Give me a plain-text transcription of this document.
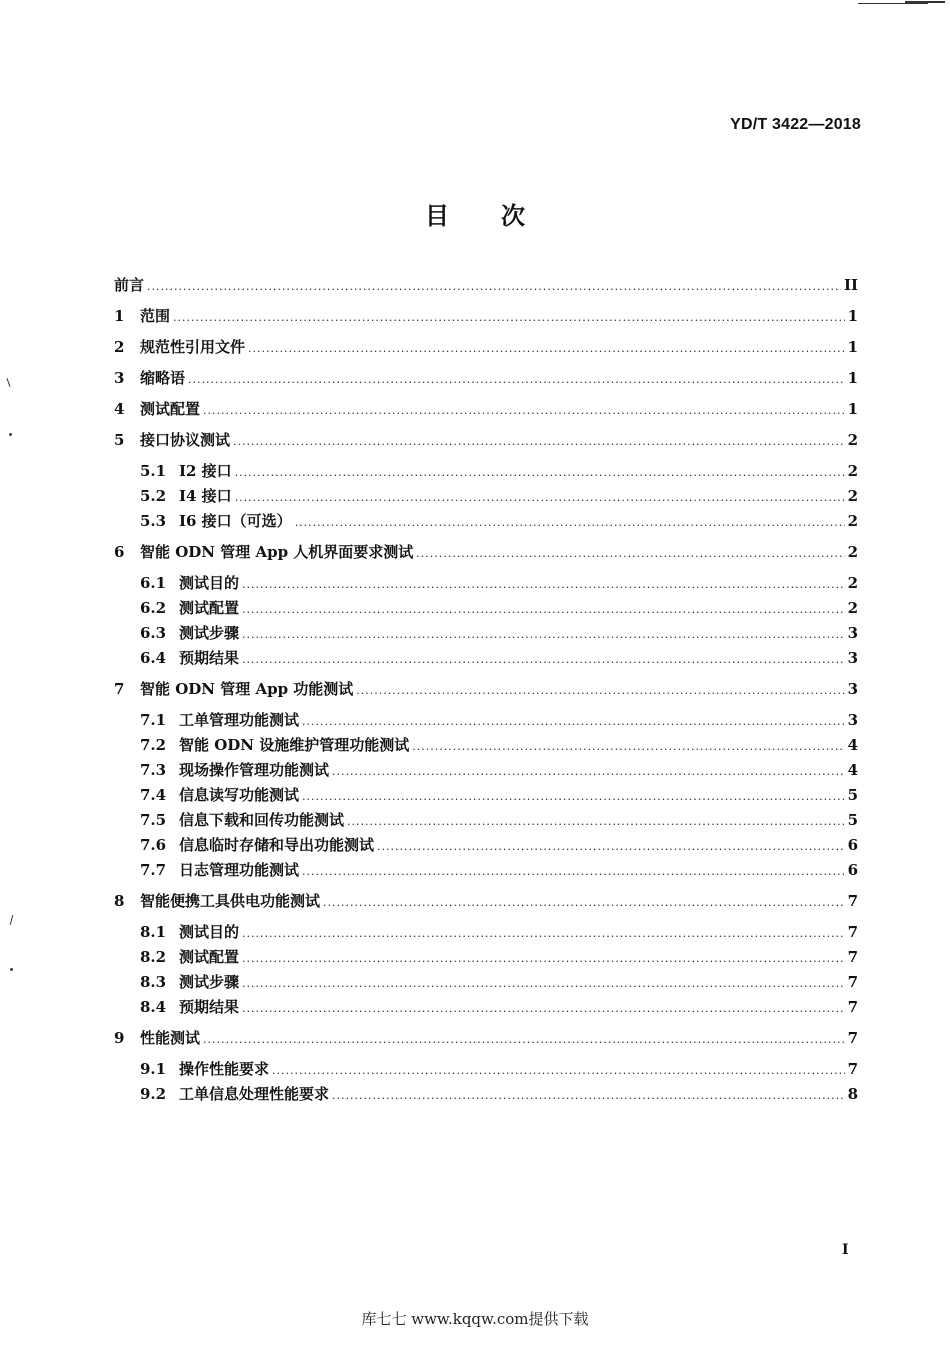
YD/T 3422—2018
目次
前言 .....	II
1	范围 .....	1
2	规范性引用文件 .....	1
3	缩略语 .....	1
4	测试配置 .....	1
5	接口协议测试 .....	2
5.1 I2 接口 .....	2
5.2 I4 接口 .....	2
5.3 I6 接口（可选） .....	2
6	智能 ODN 管理 App 人机界面要求测试 .....	2
6.1 测试目的 .....	2
6.2 测试配置 .....	2
6.3 测试步骤 .....	3
6.4 预期结果 .....	3
7	智能 ODN 管理 App 功能测试 .....	3
7.1 工单管理功能测试 .....	3
7.2 智能 ODN 设施维护管理功能测试 .....	4
7.3 现场操作管理功能测试 .....	4
7.4 信息读写功能测试 .....	5
7.5 信息下载和回传功能测试 .....	5
7.6 信息临时存储和导出功能测试 .....	6
7.7 日志管理功能测试 .....	6
8	智能便携工具供电功能测试 .....	7
8.1 测试目的 .....	7
8.2 测试配置 .....	7
8.3 测试步骤 .....	7
8.4 预期结果 .....	7
9	性能测试 .....	7
9.1 操作性能要求 .....	7
9.2 工单信息处理性能要求 .....	8
I
库七七 www.kqqw.com提供下载
